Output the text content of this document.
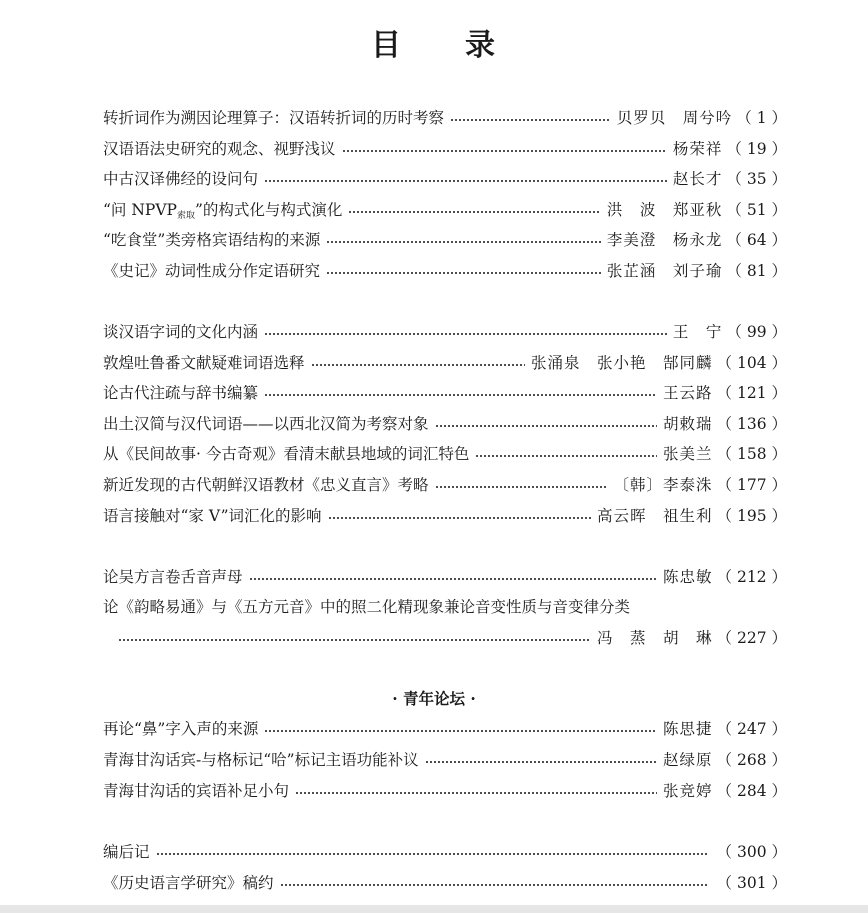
目 录
转折词作为溯因论理算子：汉语转折词的历时考察	贝罗贝　周兮吟 （ 1 ）
汉语语法史研究的观念、视野浅议	杨荣祥 （ 19 ）
中古汉译佛经的设问句	赵长才 （ 35 ）
“问 $NPVP_{索取}$”的构式化与构式演化	洪　波　郑亚秋 （ 51 ）
“吃食堂”类旁格宾语结构的来源	李美澄　杨永龙 （ 64 ）
《史记》动词性成分作定语研究	张芷涵　刘子瑜 （ 81 ）
谈汉语字词的文化内涵	王　宁 （ 99 ）
敦煌吐鲁番文献疑难词语选释	张涌泉　张小艳　郜同麟 （ 104 ）
论古代注疏与辞书编纂	王云路 （ 121 ）
出土汉简与汉代词语——以西北汉简为考察对象	胡敕瑞 （ 136 ）
从《民间故事· 今古奇观》看清末献县地域的词汇特色	张美兰 （ 158 ）
新近发现的古代朝鲜汉语教材《忠义直言》考略	〔韩〕李泰洙 （ 177 ）
语言接触对“家 V”词汇化的影响	高云晖　祖生利 （ 195 ）
论吴方言卷舌音声母	陈忠敏 （ 212 ）
论《韵略易通》与《五方元音》中的照二化精现象兼论音变性质与音变律分类
冯　蒸　胡　琳 （ 227 ）
· 青年论坛 ·
再论“鼻”字入声的来源	陈思捷 （ 247 ）
青海甘沟话宾-与格标记“哈”标记主语功能补议	赵绿原 （ 268 ）
青海甘沟话的宾语补足小句	张竞婷 （ 284 ）
编后记	（ 300 ）
《历史语言学研究》稿约	（ 301 ）
